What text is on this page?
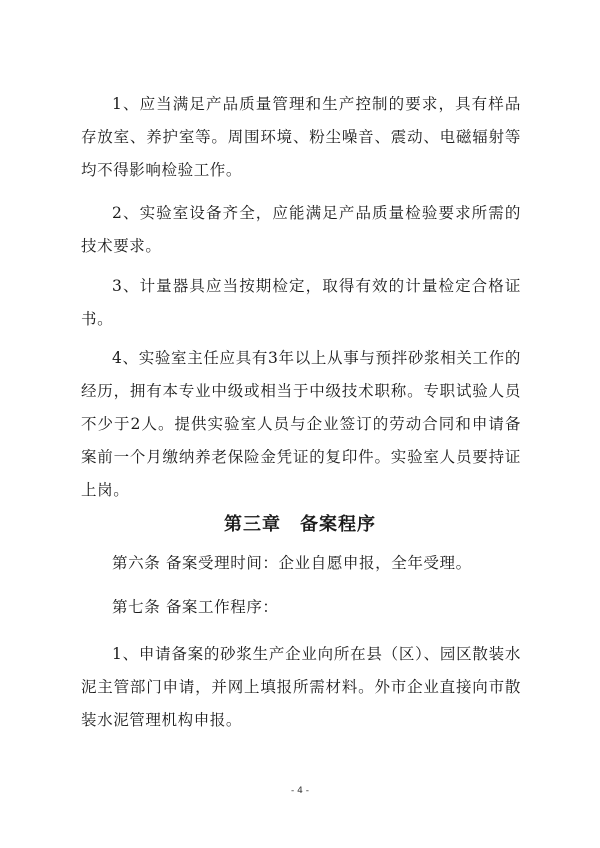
1、应当满足产品质量管理和生产控制的要求，具有样品存放室、养护室等。周围环境、粉尘噪音、震动、电磁辐射等均不得影响检验工作。

2、实验室设备齐全，应能满足产品质量检验要求所需的技术要求。

3、计量器具应当按期检定，取得有效的计量检定合格证书。

4、实验室主任应具有3年以上从事与预拌砂浆相关工作的经历，拥有本专业中级或相当于中级技术职称。专职试验人员不少于2人。提供实验室人员与企业签订的劳动合同和申请备案前一个月缴纳养老保险金凭证的复印件。实验室人员要持证上岗。

第三章　备案程序

第六条 备案受理时间：企业自愿申报，全年受理。

第七条 备案工作程序：

1、申请备案的砂浆生产企业向所在县（区）、园区散装水泥主管部门申请，并网上填报所需材料。外市企业直接向市散装水泥管理机构申报。

- 4 -
